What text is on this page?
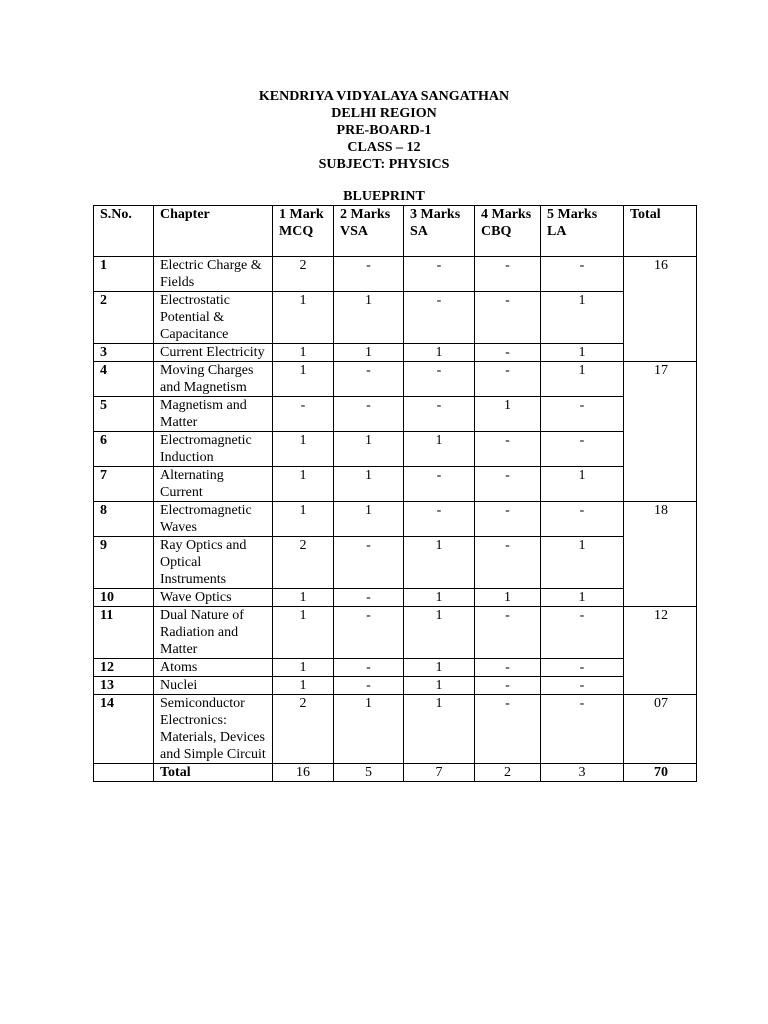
KENDRIYA VIDYALAYA SANGATHAN
DELHI REGION
PRE-BOARD-1
CLASS – 12
SUBJECT: PHYSICS
BLUEPRINT
S.No.	Chapter	1 Mark MCQ	2 Marks VSA	3 Marks SA	4 Marks CBQ	5 Marks LA	Total
1	Electric Charge & Fields	2	-	-	-	-	16
2	Electrostatic Potential & Capacitance	1	1	-	-	1	
3	Current Electricity	1	1	1	-	1	
4	Moving Charges and Magnetism	1	-	-	-	1	17
5	Magnetism and Matter	-	-	-	1	-	
6	Electromagnetic Induction	1	1	1	-	-	
7	Alternating Current	1	1	-	-	1	
8	Electromagnetic Waves	1	1	-	-	-	18
9	Ray Optics and Optical Instruments	2	-	1	-	1	
10	Wave Optics	1	-	1	1	1	
11	Dual Nature of Radiation and Matter	1	-	1	-	-	12
12	Atoms	1	-	1	-	-	
13	Nuclei	1	-	1	-	-	
14	Semiconductor Electronics: Materials, Devices and Simple Circuit	2	1	1	-	-	07
	Total	16	5	7	2	3	70
